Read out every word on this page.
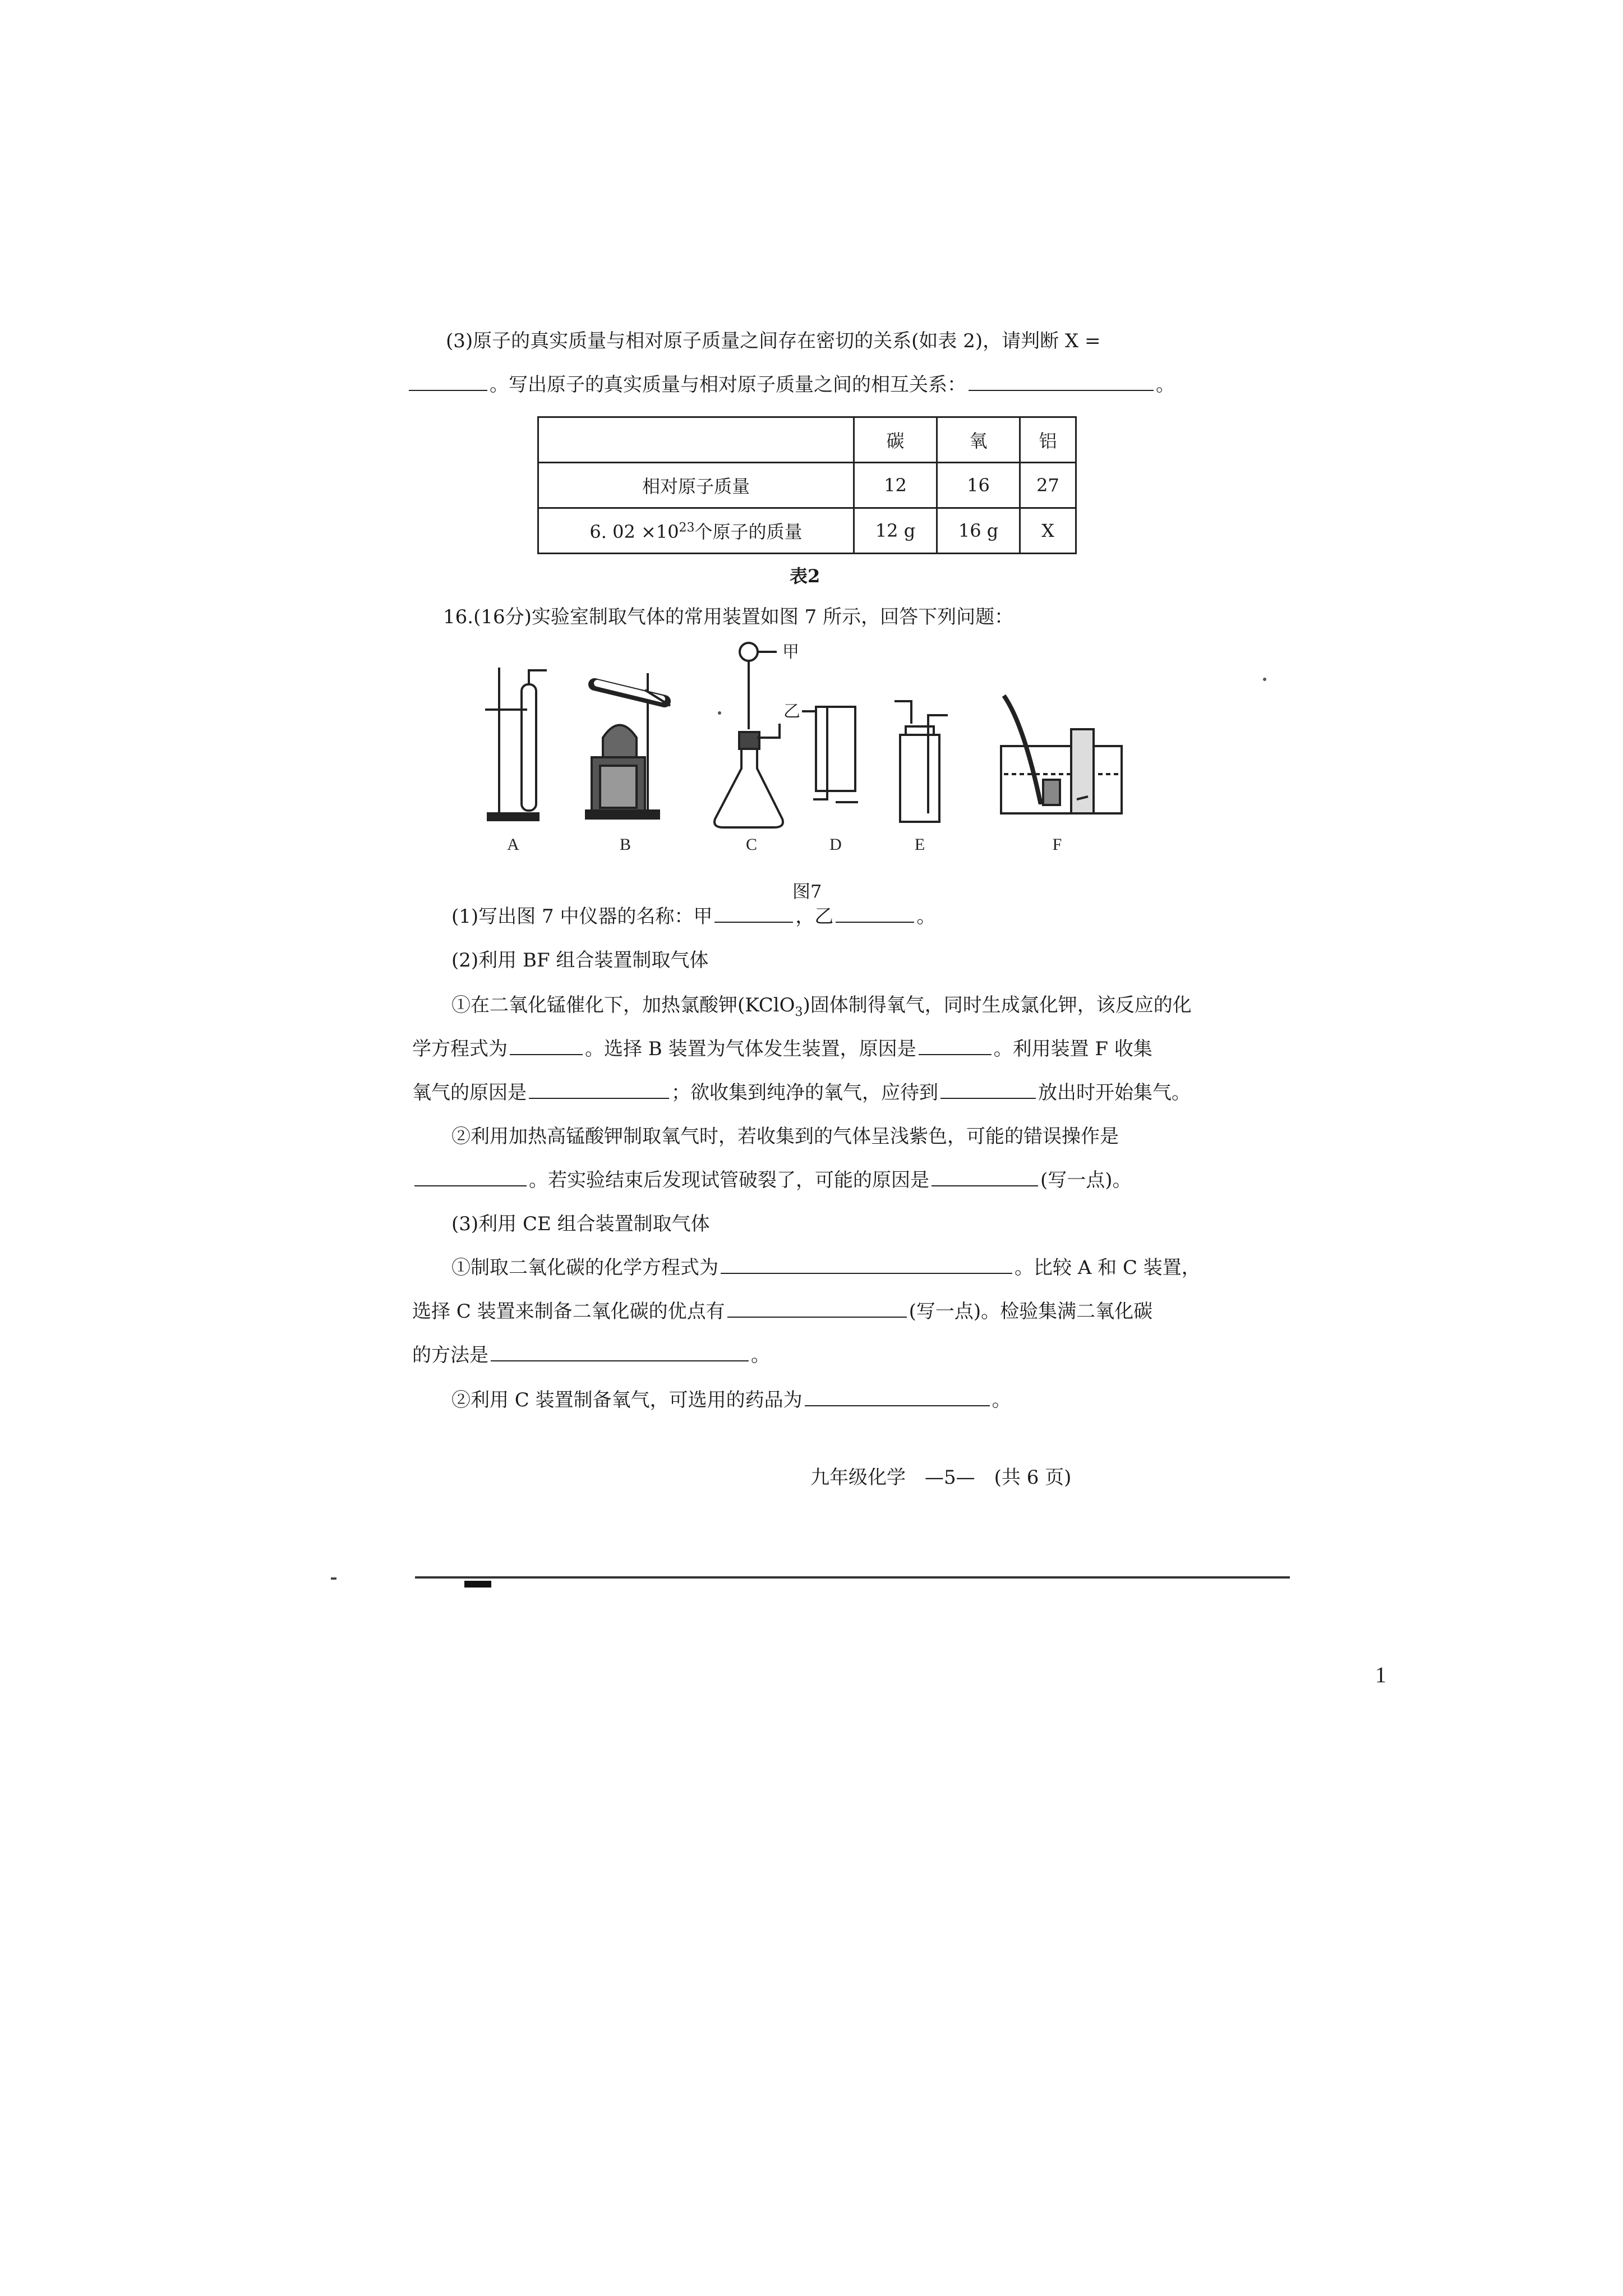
(3)原子的真实质量与相对原子质量之间存在密切的关系(如表 2)，请判断 X =
。写出原子的真实质量与相对原子质量之间的相互关系：	。
	碳	氧	铝
相对原子质量	12	16	27
6. $02 \times 10^{23}$个原子的质量	12 g	16 g	X
表2
16.(16分)实验室制取气体的常用装置如图 7 所示，回答下列问题：
A	B	C	D	E	F
甲
乙
图7
(1)写出图 7 中仪器的名称：甲	，乙	。
(2)利用 BF 组合装置制取气体
①在二氧化锰催化下，加热氯酸钾(KClO$_3$)固体制得氧气，同时生成氯化钾，该反应的化
学方程式为	。选择 B 装置为气体发生装置，原因是	。利用装置 F 收集
氧气的原因是	；欲收集到纯净的氧气，应待到	放出时开始集气。
②利用加热高锰酸钾制取氧气时，若收集到的气体呈浅紫色，可能的错误操作是
。若实验结束后发现试管破裂了，可能的原因是	(写一点)。
(3)利用 CE 组合装置制取气体
①制取二氧化碳的化学方程式为	。比较 A 和 C 装置，
选择 C 装置来制备二氧化碳的优点有	(写一点)。检验集满二氧化碳
的方法是	。
②利用 C 装置制备氧气，可选用的药品为	。
九年级化学　—5—　(共 6 页)
1
